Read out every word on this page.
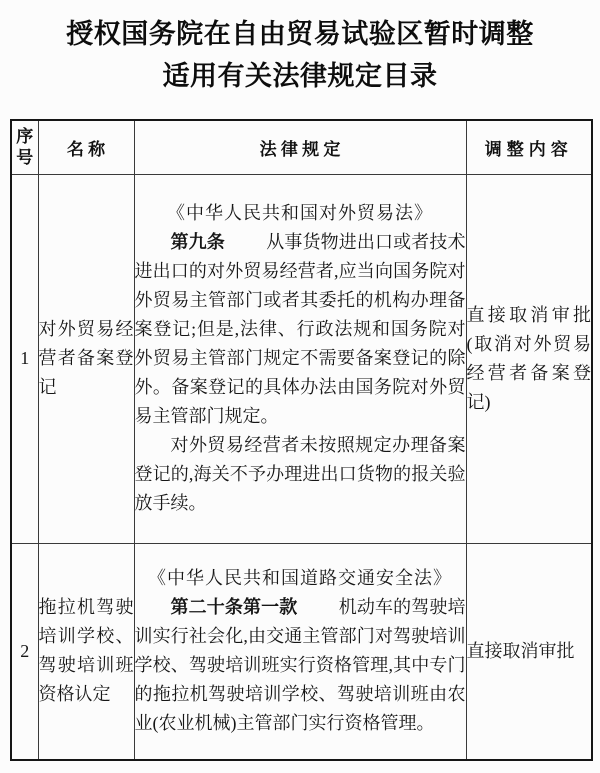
授权国务院在自由贸易试验区暂时调整
适用有关法律规定目录
序号	名 称	法 律 规 定	调整内容
1	对外贸易经营者备案登记	《中华人民共和国对外贸易法》
第九条 从事货物进出口或者技术进出口的对外贸易经营者,应当向国务院对外贸易主管部门或者其委托的机构办理备案登记;但是,法律、行政法规和国务院对外贸易主管部门规定不需要备案登记的除外。备案登记的具体办法由国务院对外贸易主管部门规定。
对外贸易经营者未按照规定办理备案登记的,海关不予办理进出口货物的报关验放手续。	直接取消审批(取消对外贸易经营者备案登记)

2	拖拉机驾驶培训学校、驾驶培训班资格认定	《中华人民共和国道路交通安全法》
第二十条第一款 机动车的驾驶培训实行社会化,由交通主管部门对驾驶培训学校、驾驶培训班实行资格管理,其中专门的拖拉机驾驶培训学校、驾驶培训班由农业(农业机械)主管部门实行资格管理。	直接取消审批
